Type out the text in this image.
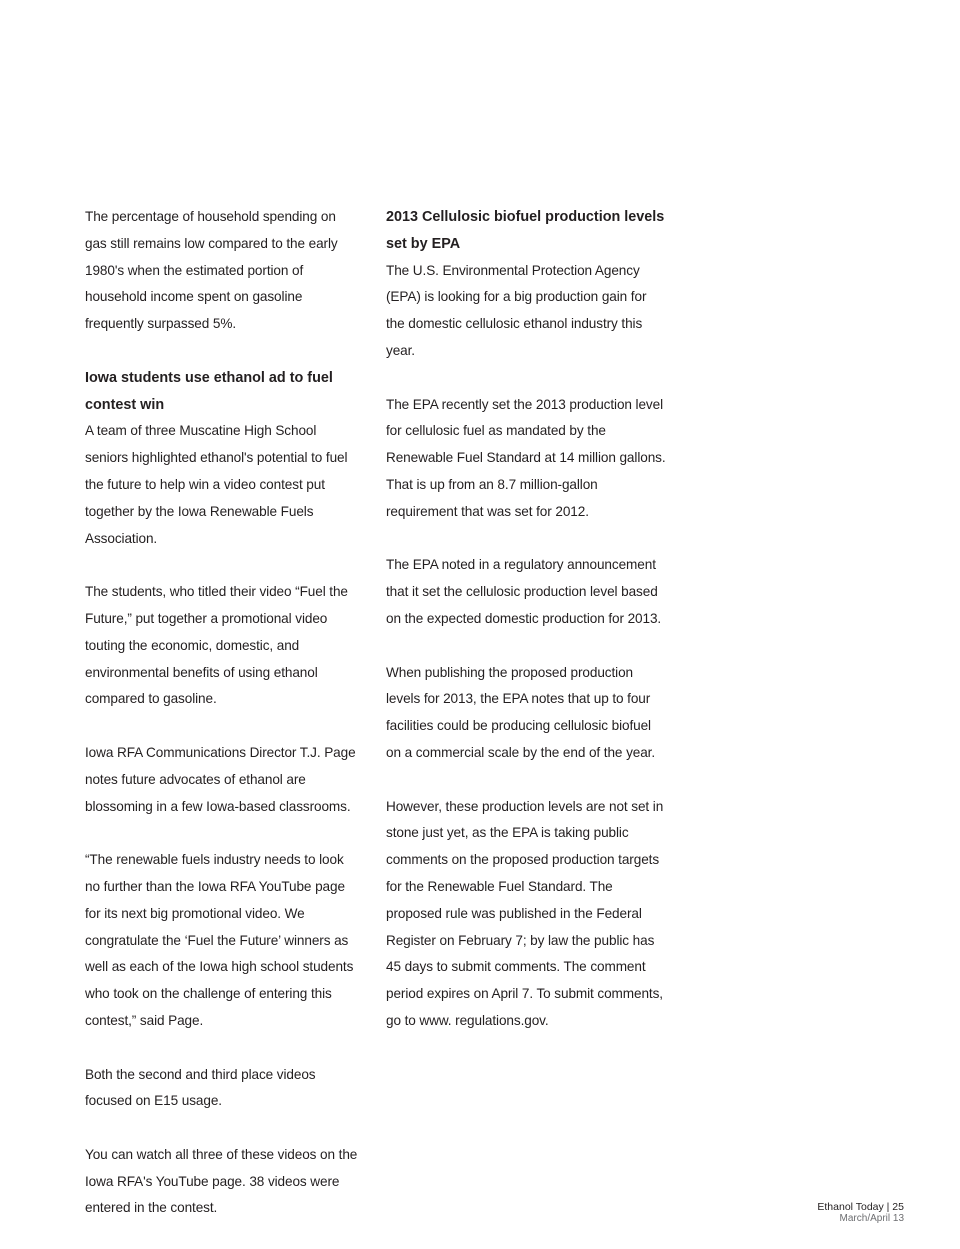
The percentage of household spending on gas still remains low compared to the early 1980's when the estimated portion of household income spent on gasoline frequently surpassed 5%.

Iowa students use ethanol ad to fuel contest win

A team of three Muscatine High School seniors highlighted ethanol's potential to fuel the future to help win a video contest put together by the Iowa Renewable Fuels Association.

The students, who titled their video “Fuel the Future,” put together a promotional video touting the economic, domestic, and environmental benefits of using ethanol compared to gasoline.

Iowa RFA Communications Director T.J. Page notes future advocates of ethanol are blossoming in a few Iowa-based classrooms.

“The renewable fuels industry needs to look no further than the Iowa RFA YouTube page for its next big promotional video. We congratulate the ‘Fuel the Future’ winners as well as each of the Iowa high school students who took on the challenge of entering this contest,” said Page.

Both the second and third place videos focused on E15 usage.

You can watch all three of these videos on the Iowa RFA's YouTube page. 38 videos were entered in the contest.

2013 Cellulosic biofuel production levels set by EPA

The U.S. Environmental Protection Agency (EPA) is looking for a big production gain for the domestic cellulosic ethanol industry this year.

The EPA recently set the 2013 production level for cellulosic fuel as mandated by the Renewable Fuel Standard at 14 million gallons. That is up from an 8.7 million-gallon requirement that was set for 2012.

The EPA noted in a regulatory announcement that it set the cellulosic production level based on the expected domestic production for 2013.

When publishing the proposed production levels for 2013, the EPA notes that up to four facilities could be producing cellulosic biofuel on a commercial scale by the end of the year.

However, these production levels are not set in stone just yet, as the EPA is taking public comments on the proposed production targets for the Renewable Fuel Standard. The proposed rule was published in the Federal Register on February 7; by law the public has 45 days to submit comments. The comment period expires on April 7. To submit comments, go to www. regulations.gov.

Ethanol Today | 25
March/April 13
